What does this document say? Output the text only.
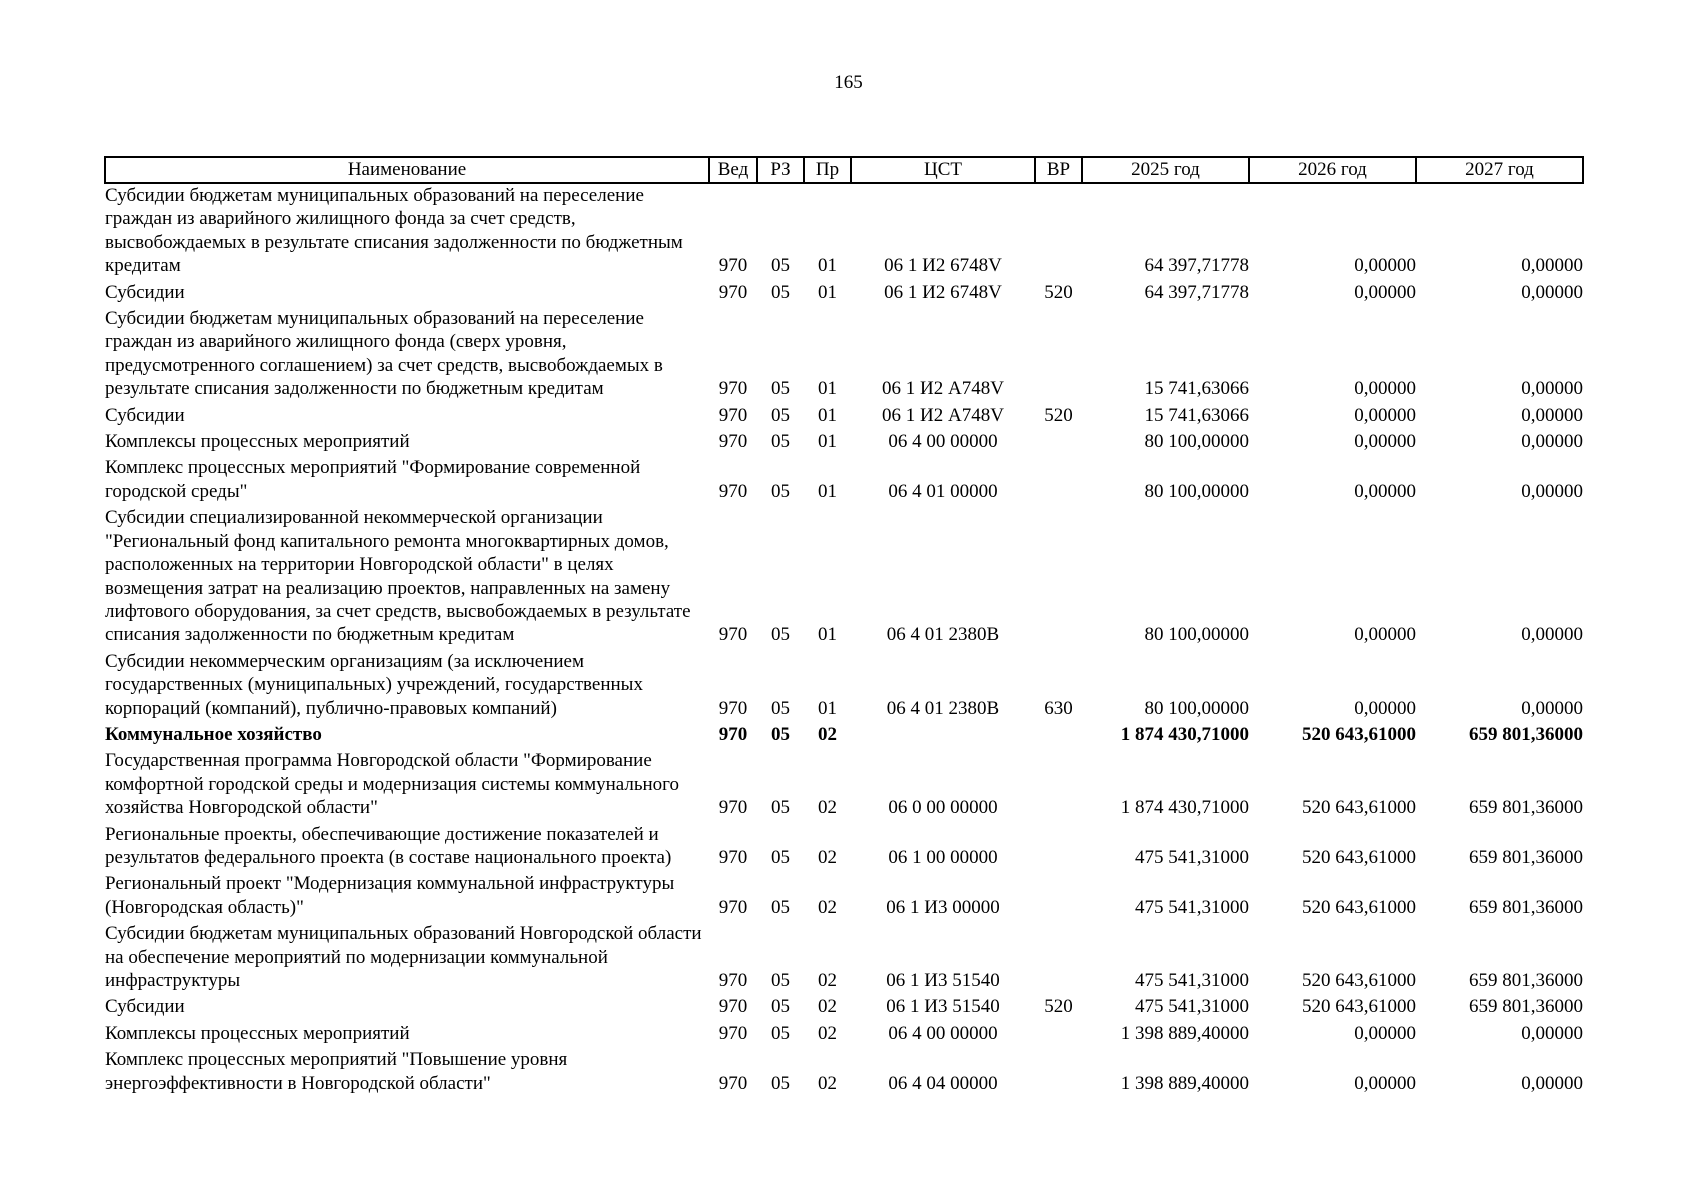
165
Наименование	Вед	РЗ	Пр	ЦСТ	ВР	2025 год	2026 год	2027 год
Субсидии бюджетам муниципальных образований на переселение граждан из аварийного жилищного фонда за счет средств, высвобождаемых в результате списания задолженности по бюджетным кредитам	970	05	01	06 1 И2 6748V		64 397,71778	0,00000	0,00000
Субсидии	970	05	01	06 1 И2 6748V	520	64 397,71778	0,00000	0,00000
Субсидии бюджетам муниципальных образований на переселение граждан из аварийного жилищного фонда (сверх уровня, предусмотренного соглашением) за счет средств, высвобождаемых в результате списания задолженности по бюджетным кредитам	970	05	01	06 1 И2 А748V		15 741,63066	0,00000	0,00000
Субсидии	970	05	01	06 1 И2 А748V	520	15 741,63066	0,00000	0,00000
Комплексы процессных мероприятий	970	05	01	06 4 00 00000		80 100,00000	0,00000	0,00000
Комплекс процессных мероприятий "Формирование современной городской среды"	970	05	01	06 4 01 00000		80 100,00000	0,00000	0,00000
Субсидии специализированной некоммерческой организации "Региональный фонд капитального ремонта многоквартирных домов, расположенных на территории Новгородской области" в целях возмещения затрат на реализацию проектов, направленных на замену лифтового оборудования, за счет средств, высвобождаемых в результате списания задолженности по бюджетным кредитам	970	05	01	06 4 01 2380В		80 100,00000	0,00000	0,00000
Субсидии некоммерческим организациям (за исключением государственных (муниципальных) учреждений, государственных корпораций (компаний), публично-правовых компаний)	970	05	01	06 4 01 2380В	630	80 100,00000	0,00000	0,00000
Коммунальное хозяйство	970	05	02			1 874 430,71000	520 643,61000	659 801,36000
Государственная программа Новгородской области "Формирование комфортной городской среды и модернизация системы коммунального хозяйства Новгородской области"	970	05	02	06 0 00 00000		1 874 430,71000	520 643,61000	659 801,36000
Региональные проекты, обеспечивающие достижение показателей и результатов федерального проекта (в составе национального проекта)	970	05	02	06 1 00 00000		475 541,31000	520 643,61000	659 801,36000
Региональный проект "Модернизация коммунальной инфраструктуры (Новгородская область)"	970	05	02	06 1 И3 00000		475 541,31000	520 643,61000	659 801,36000
Субсидии бюджетам муниципальных образований Новгородской области на обеспечение мероприятий по модернизации коммунальной инфраструктуры	970	05	02	06 1 И3 51540		475 541,31000	520 643,61000	659 801,36000
Субсидии	970	05	02	06 1 И3 51540	520	475 541,31000	520 643,61000	659 801,36000
Комплексы процессных мероприятий	970	05	02	06 4 00 00000		1 398 889,40000	0,00000	0,00000
Комплекс процессных мероприятий "Повышение уровня энергоэффективности в Новгородской области"	970	05	02	06 4 04 00000		1 398 889,40000	0,00000	0,00000
